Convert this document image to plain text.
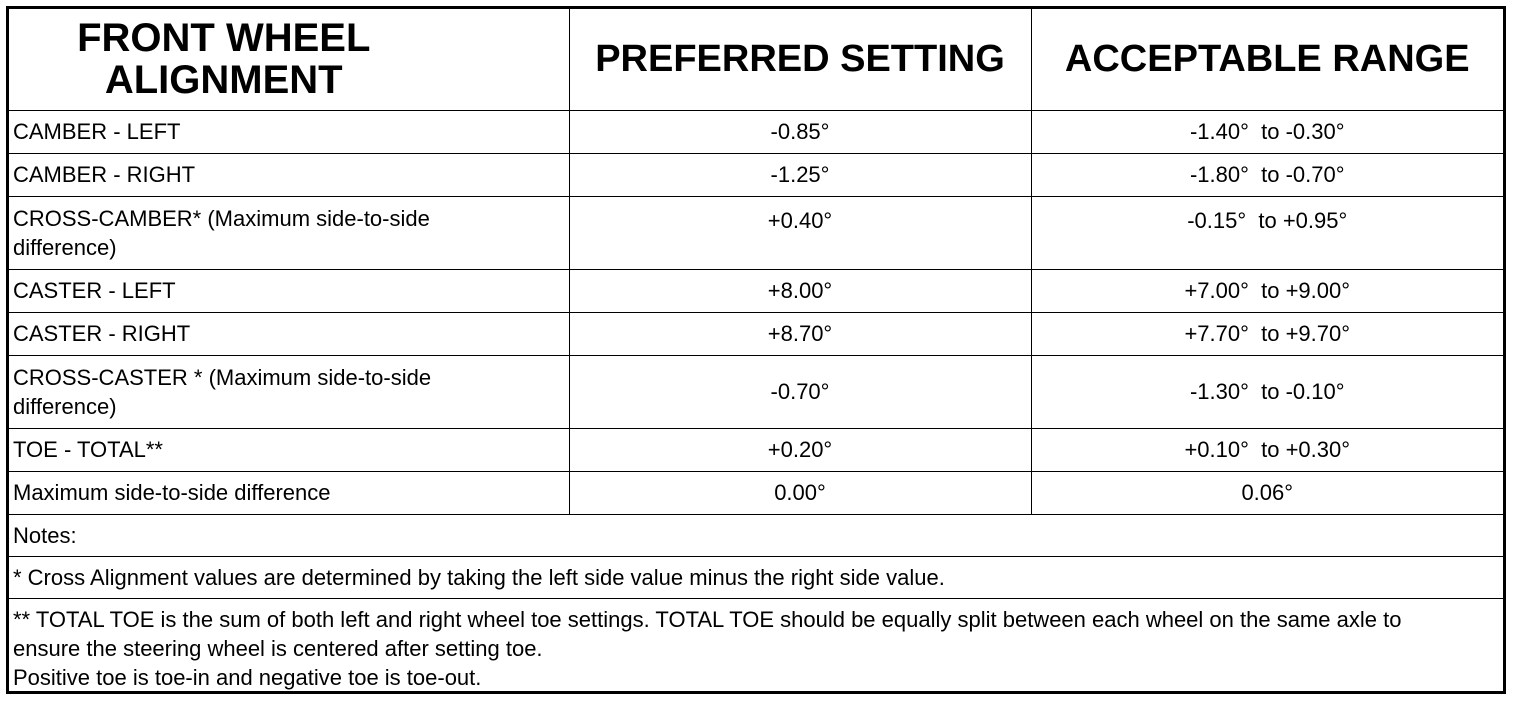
FRONT WHEEL ALIGNMENT	PREFERRED SETTING	ACCEPTABLE RANGE
CAMBER - LEFT	-0.85°	-1.40°  to -0.30°
CAMBER - RIGHT	-1.25°	-1.80°  to -0.70°
CROSS-CAMBER* (Maximum side-to-side difference)	+0.40°	-0.15°  to +0.95°
CASTER - LEFT	+8.00°	+7.00°  to +9.00°
CASTER - RIGHT	+8.70°	+7.70°  to +9.70°
CROSS-CASTER * (Maximum side-to-side difference)	-0.70°	-1.30°  to -0.10°
TOE - TOTAL**	+0.20°	+0.10°  to +0.30°
Maximum side-to-side difference	0.00°	0.06°
Notes:		
* Cross Alignment values are determined by taking the left side value minus the right side value.		

** TOTAL TOE is the sum of both left and right wheel toe settings. TOTAL TOE should be equally split between each wheel on the same axle to ensure the steering wheel is centered after setting toe.
Positive toe is toe-in and negative toe is toe-out.		
